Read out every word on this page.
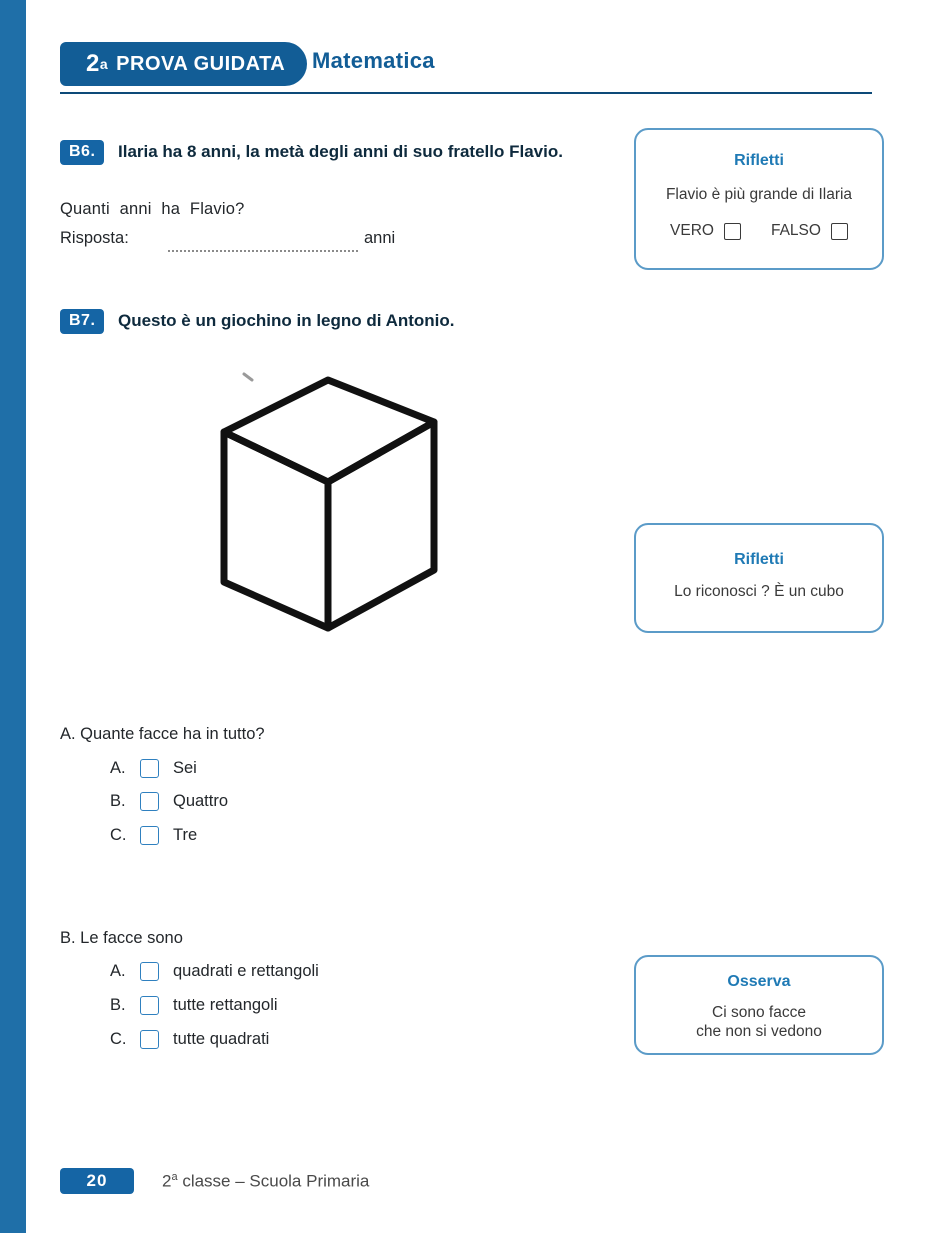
2 a PROVA GUIDATA Matematica
B6.	Ilaria ha 8 anni, la metà degli anni di suo fratello Flavio.
Quanti anni ha Flavio?
Risposta:	anni
Rifletti
Flavio è più grande di Ilaria
VERO	FALSO
B7.	Questo è un giochino in legno di Antonio.
Rifletti
Lo riconosci ? È un cubo
A. Quante facce ha in tutto?
A.	Sei
B.	Quattro
C.	Tre
B. Le facce sono
A.	quadrati e rettangoli
B.	tutte rettangoli
C.	tutte quadrati
Osserva
Ci sono facce
che non si vedono
20	2$^a$ classe – Scuola Primaria
